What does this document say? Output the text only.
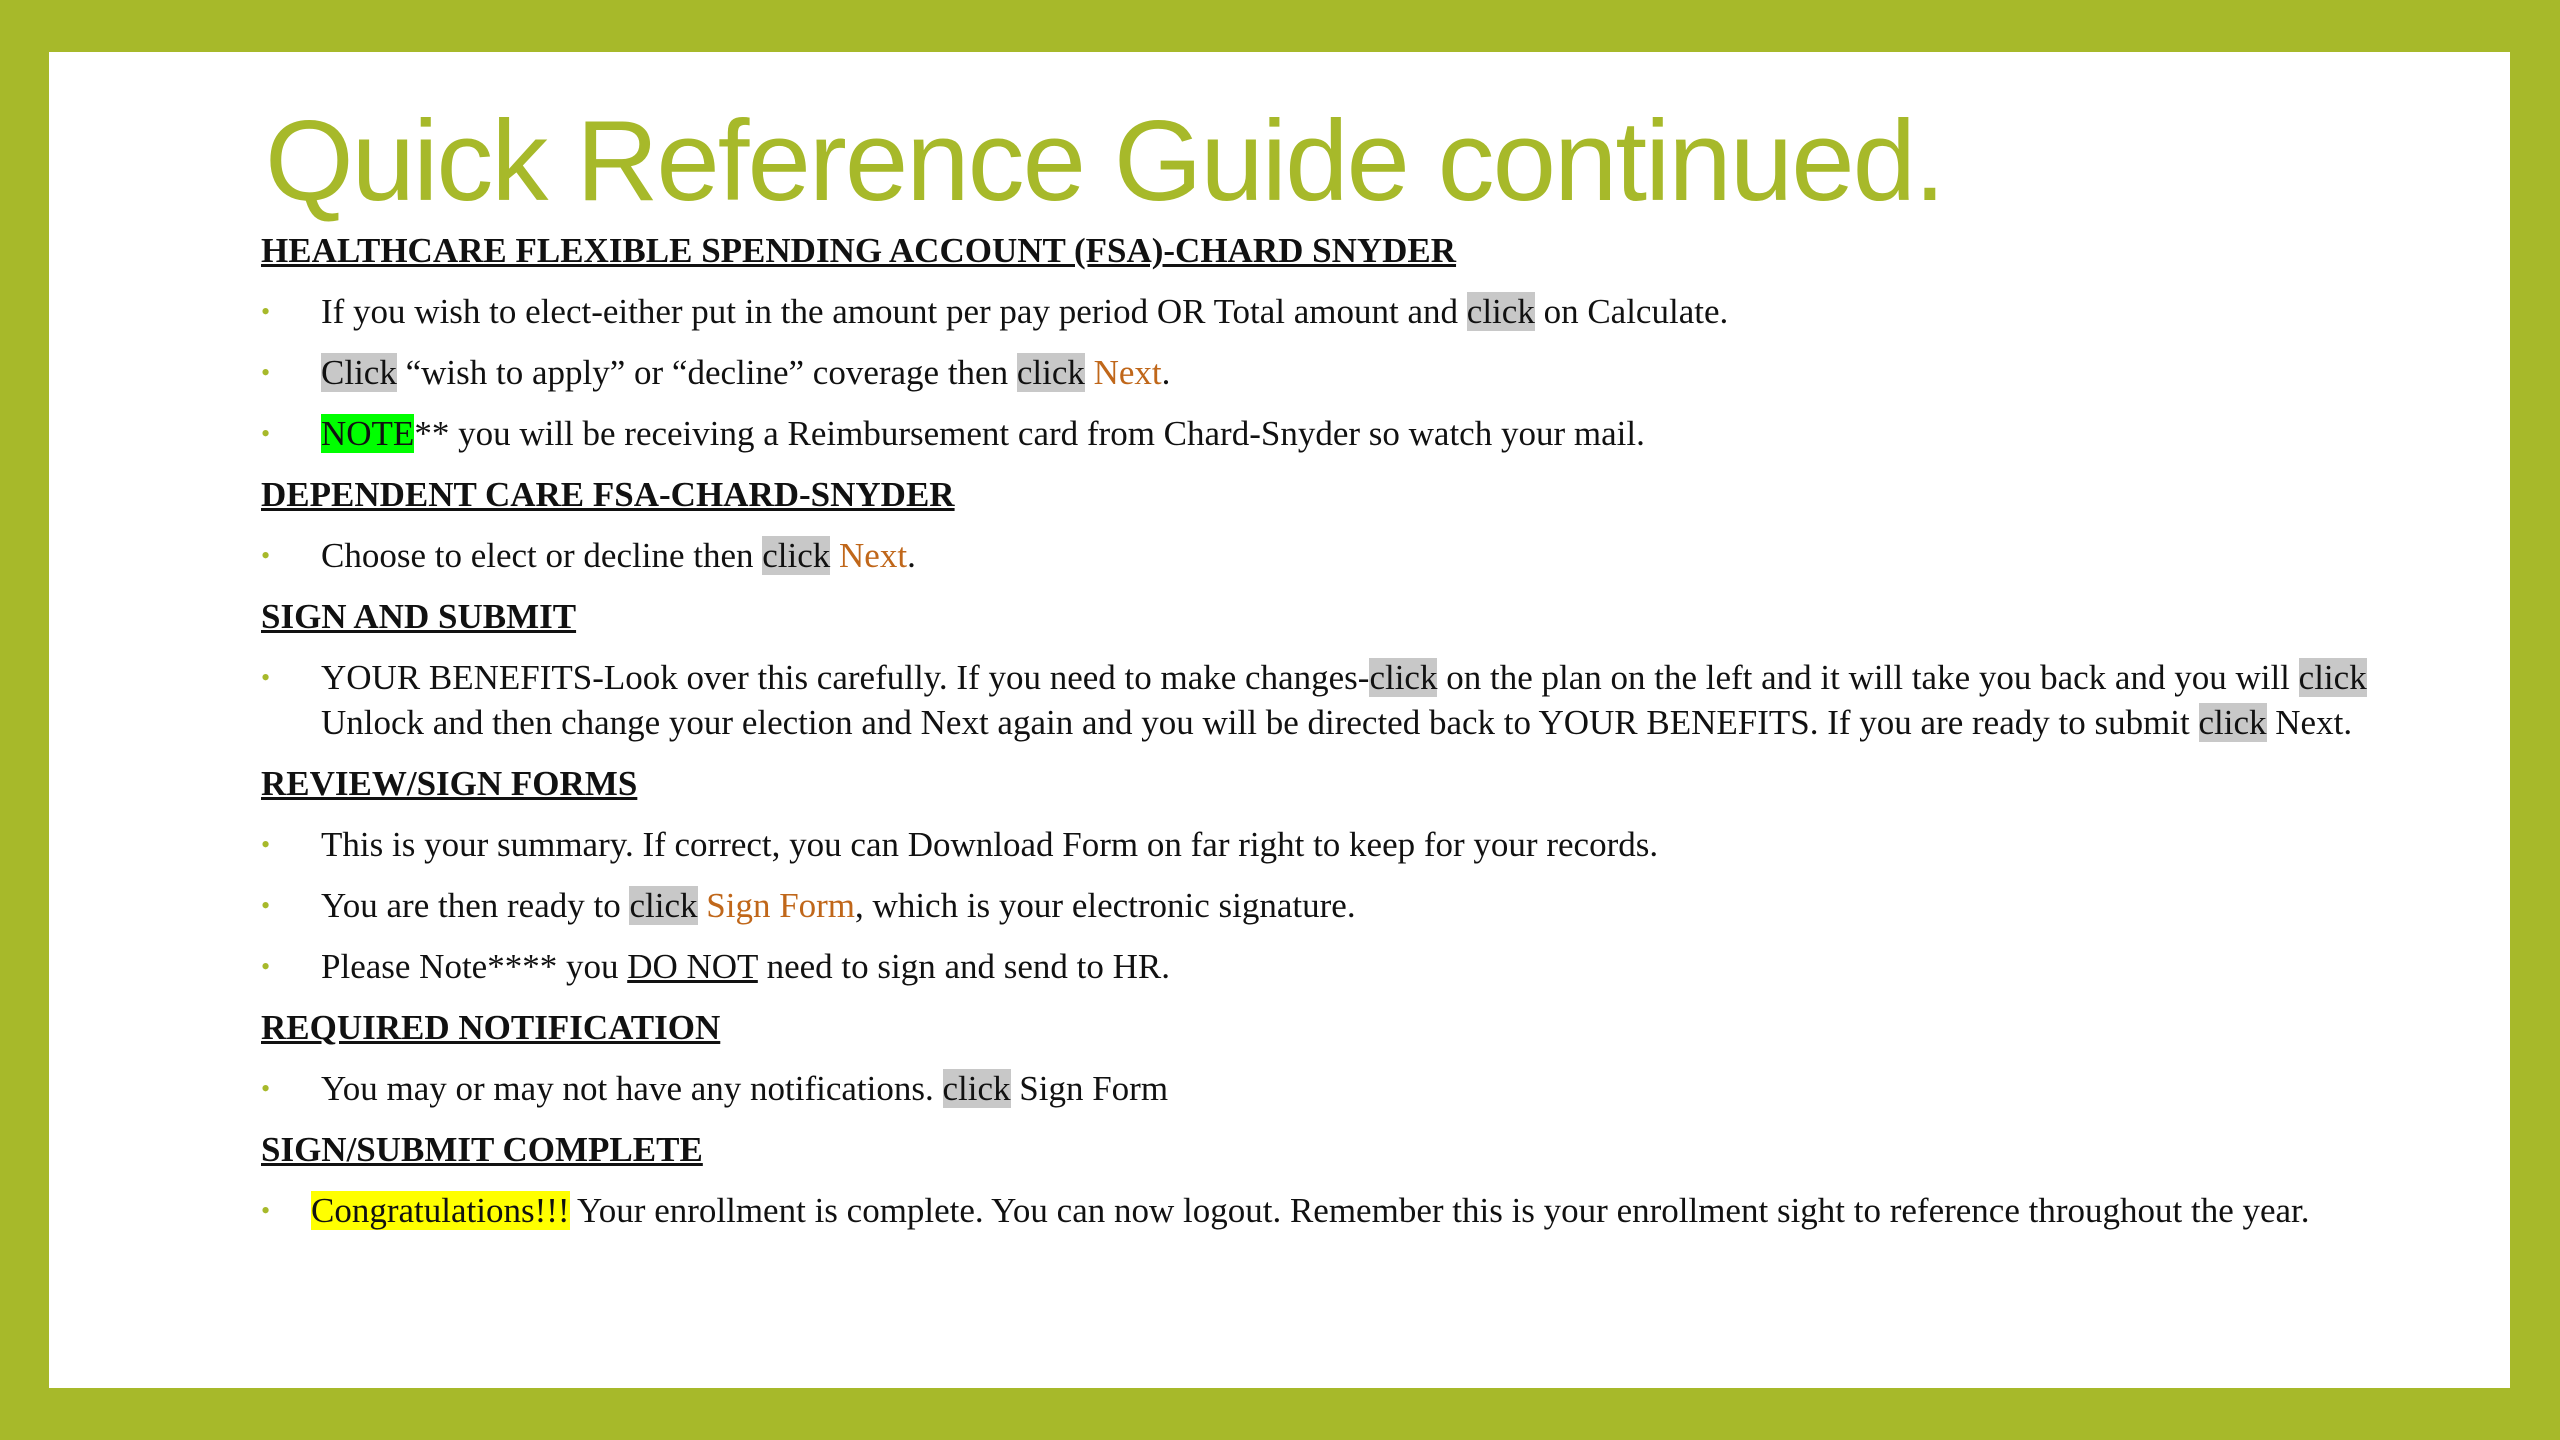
Quick Reference Guide continued.
HEALTHCARE FLEXIBLE SPENDING ACCOUNT (FSA)-CHARD SNYDER
• If you wish to elect-either put in the amount per pay period OR Total amount and click on Calculate.
• Click “wish to apply” or “decline” coverage then click Next.
• NOTE** you will be receiving a Reimbursement card from Chard-Snyder so watch your mail.
DEPENDENT CARE FSA-CHARD-SNYDER
• Choose to elect or decline then click Next.
SIGN AND SUBMIT
• YOUR BENEFITS-Look over this carefully. If you need to make changes-click on the plan on the left and it will take you back and you will click Unlock and then change your election and Next again and you will be directed back to YOUR BENEFITS. If you are ready to submit click Next.
REVIEW/SIGN FORMS
• This is your summary. If correct, you can Download Form on far right to keep for your records.
• You are then ready to click Sign Form, which is your electronic signature.
• Please Note**** you DO NOT need to sign and send to HR.
REQUIRED NOTIFICATION
• You may or may not have any notifications. click Sign Form
SIGN/SUBMIT COMPLETE
• Congratulations!!! Your enrollment is complete. You can now logout. Remember this is your enrollment sight to reference throughout the year.
